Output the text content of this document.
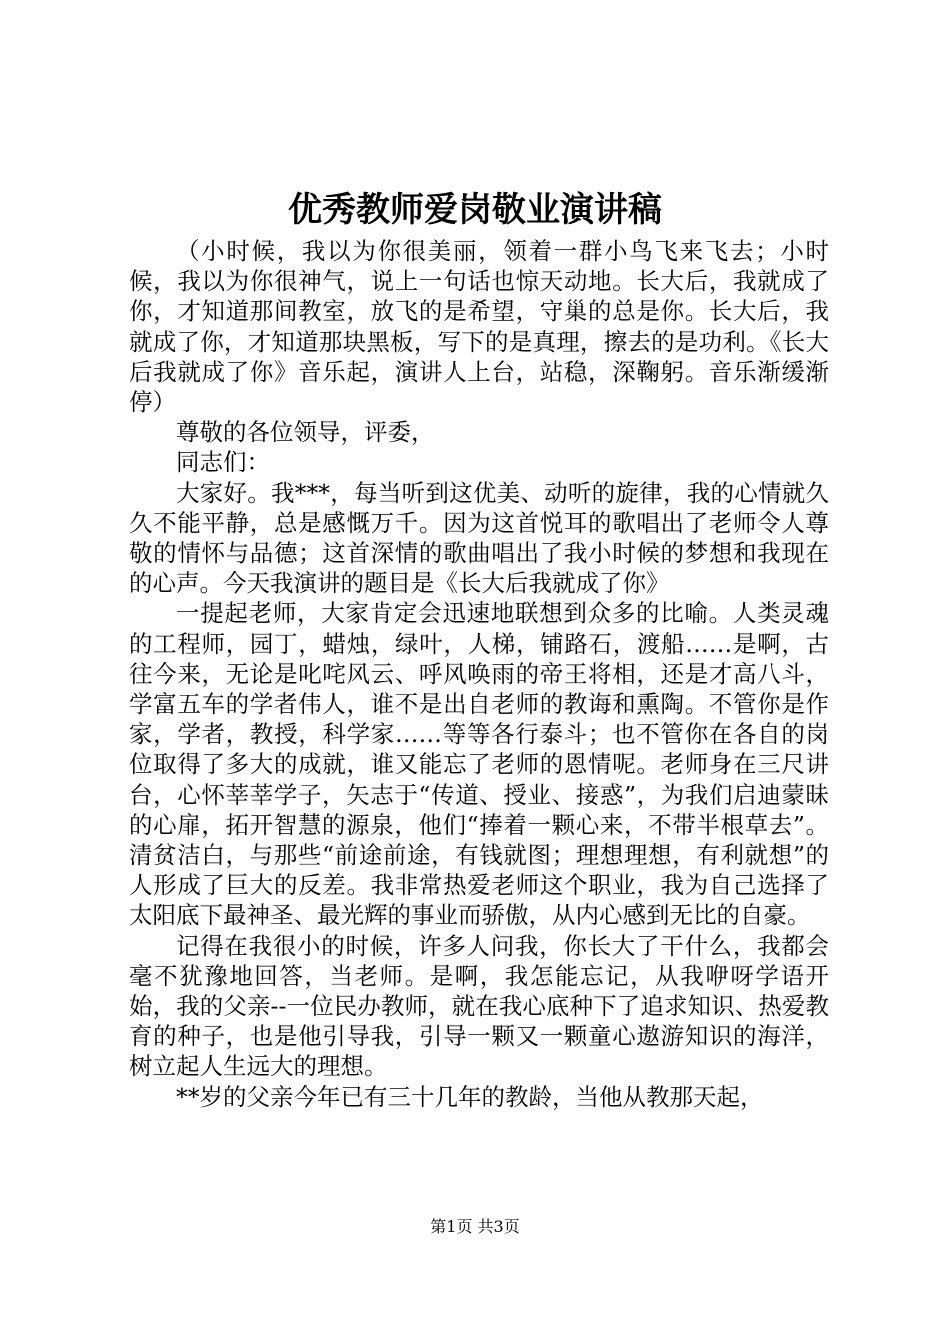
优秀教师爱岗敬业演讲稿

（小时候，我以为你很美丽，领着一群小鸟飞来飞去；小时候，我以为你很神气，说上一句话也惊天动地。长大后，我就成了你，才知道那间教室，放飞的是希望，守巢的总是你。长大后，我就成了你，才知道那块黑板，写下的是真理，擦去的是功利。《长大后我就成了你》音乐起，演讲人上台，站稳，深鞠躬。音乐渐缓渐停）

尊敬的各位领导，评委，

同志们：

大家好。我***，每当听到这优美、动听的旋律，我的心情就久久不能平静，总是感慨万千。因为这首悦耳的歌唱出了老师令人尊敬的情怀与品德；这首深情的歌曲唱出了我小时候的梦想和我现在的心声。今天我演讲的题目是《长大后我就成了你》

一提起老师，大家肯定会迅速地联想到众多的比喻。人类灵魂的工程师，园丁，蜡烛，绿叶，人梯，铺路石，渡船……是啊，古往今来，无论是叱咤风云、呼风唤雨的帝王将相，还是才高八斗，学富五车的学者伟人，谁不是出自老师的教诲和熏陶。不管你是作家，学者，教授，科学家……等等各行泰斗；也不管你在各自的岗位取得了多大的成就，谁又能忘了老师的恩情呢。老师身在三尺讲台，心怀莘莘学子，矢志于“传道、授业、接惑”，为我们启迪蒙昧的心扉，拓开智慧的源泉，他们“捧着一颗心来，不带半根草去”。清贫洁白，与那些“前途前途，有钱就图；理想理想，有利就想”的人形成了巨大的反差。我非常热爱老师这个职业，我为自己选择了太阳底下最神圣、最光辉的事业而骄傲，从内心感到无比的自豪。

记得在我很小的时候，许多人问我，你长大了干什么，我都会毫不犹豫地回答，当老师。是啊，我怎能忘记，从我咿呀学语开始，我的父亲--一位民办教师，就在我心底种下了追求知识、热爱教育的种子，也是他引导我，引导一颗又一颗童心遨游知识的海洋，树立起人生远大的理想。

**岁的父亲今年已有三十几年的教龄，当他从教那天起，

第1页 共3页
